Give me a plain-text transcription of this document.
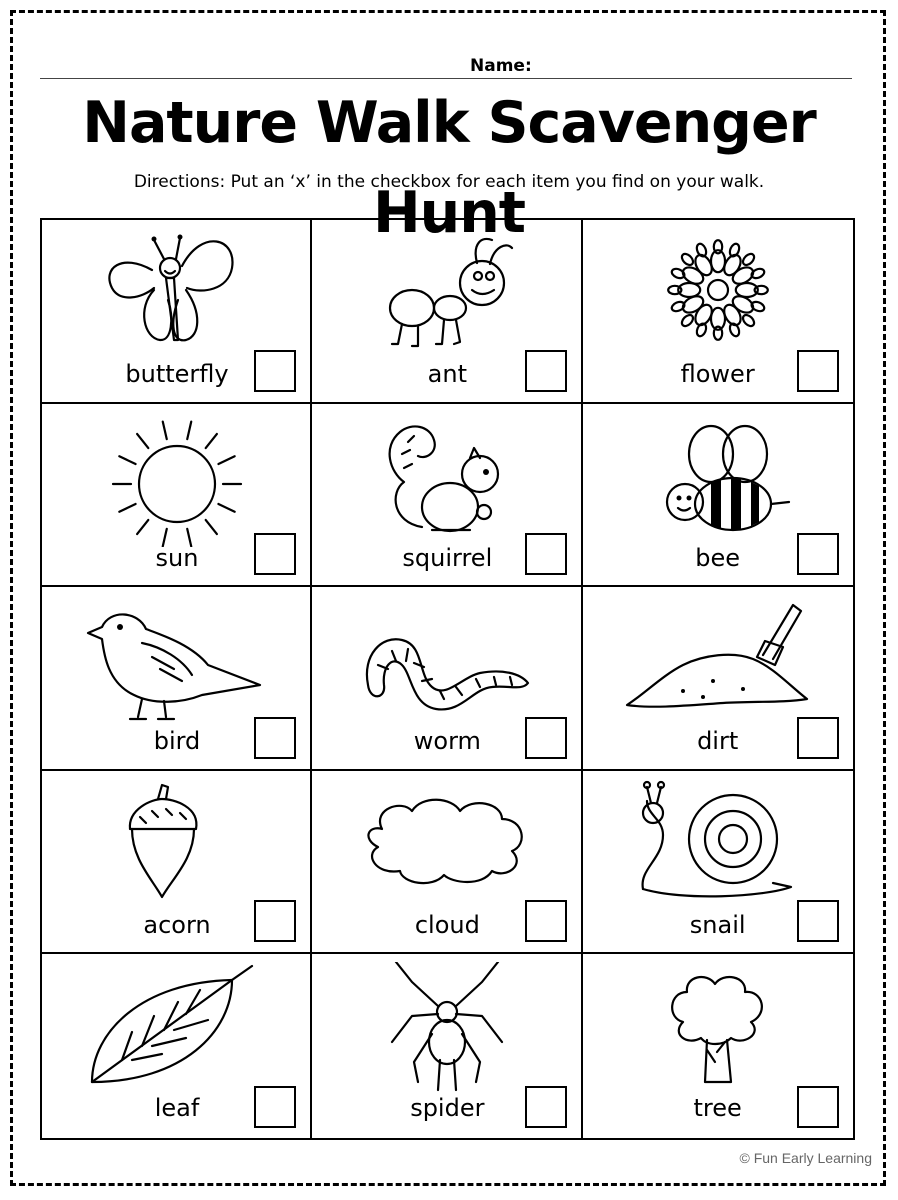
Name:
Nature Walk Scavenger Hunt
Directions: Put an ‘x’ in the checkbox for each item you find on your walk.
butterfly	ant	flower
sun	squirrel	bee
bird	worm	dirt
acorn	cloud	snail
leaf	spider	tree
© Fun Early Learning
